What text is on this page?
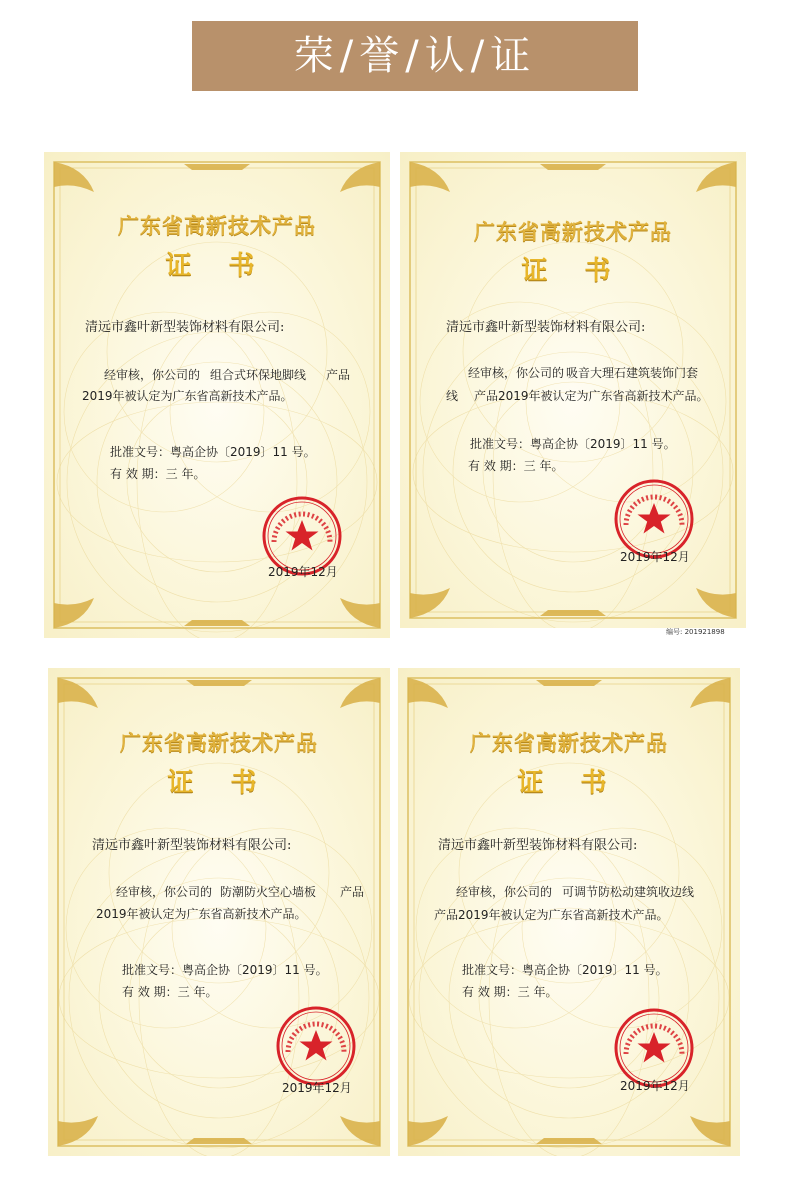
荣/誉/认/证
广东省高新技术产品
证 书
清远市鑫叶新型装饰材料有限公司:
经审核，你公司的 组合式环保地脚线 产品
2019年被认定为广东省高新技术产品。
批准文号：粤高企协〔2019〕11 号。
有 效 期：三 年。
2019年12月
广东省高新技术产品
证 书
清远市鑫叶新型装饰材料有限公司:
经审核，你公司的 吸音大理石建筑装饰门套
线 产品2019年被认定为广东省高新技术产品。
批准文号：粤高企协〔2019〕11 号。
有 效 期：三 年。
2019年12月
编号: 201921898
广东省高新技术产品
证 书
清远市鑫叶新型装饰材料有限公司:
经审核，你公司的 防潮防火空心墙板 产品
2019年被认定为广东省高新技术产品。
批准文号：粤高企协〔2019〕11 号。
有 效 期：三 年。
2019年12月
广东省高新技术产品
证 书
清远市鑫叶新型装饰材料有限公司:
经审核，你公司的 可调节防松动建筑收边线
产品2019年被认定为广东省高新技术产品。
批准文号：粤高企协〔2019〕11 号。
有 效 期：三 年。
2019年12月
